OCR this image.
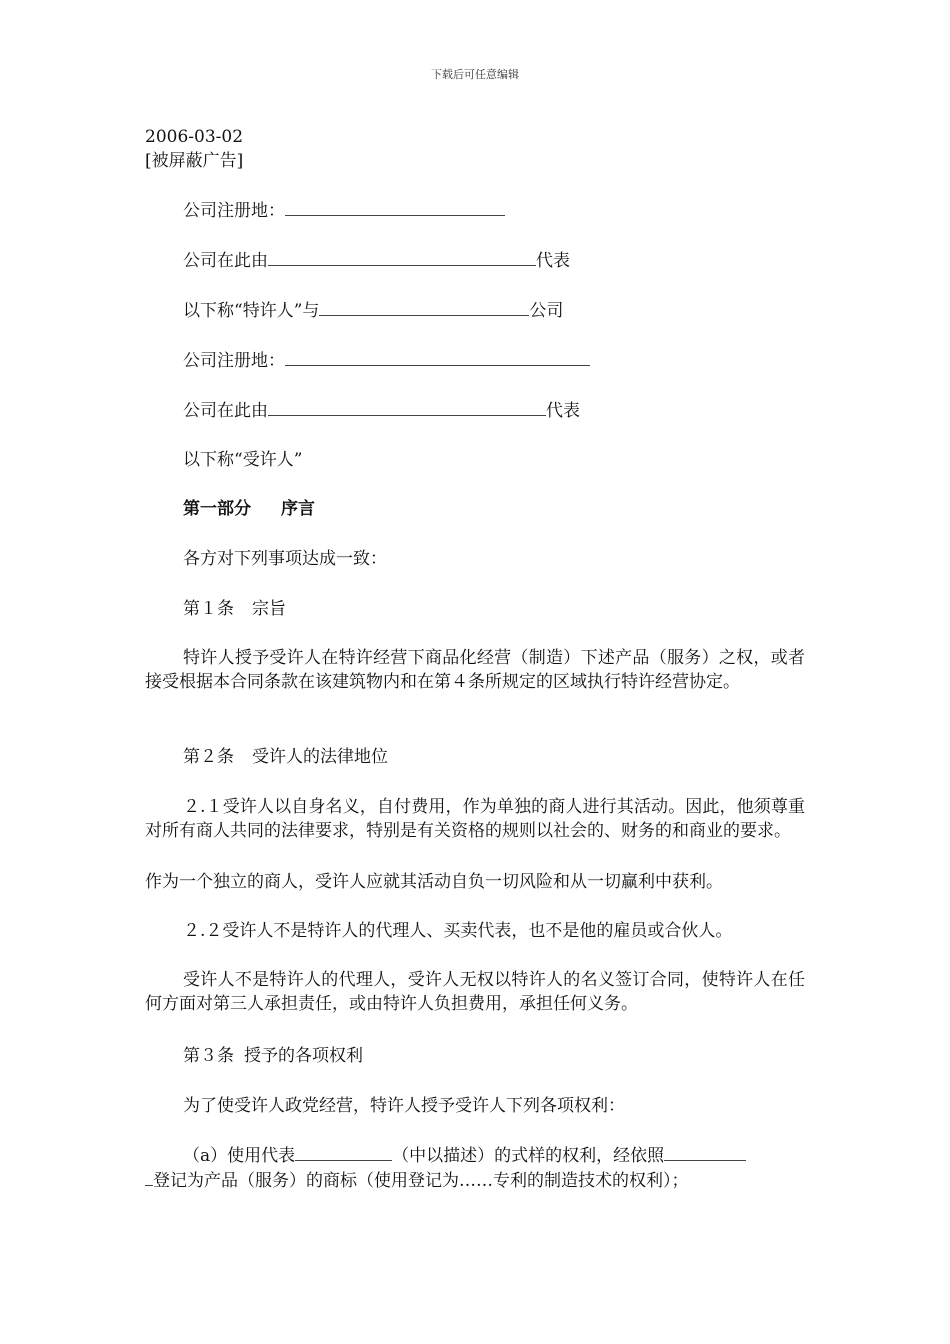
下载后可任意编辑
2006-03-02
[被屏蔽广告]
公司注册地：
公司在此由	代表
以下称“特许人”与	公司
公司注册地：
公司在此由	代表
以下称“受许人”
第一部分 序言
各方对下列事项达成一致：
第１条 宗旨
特许人授予受许人在特许经营下商品化经营（制造）下述产品（服务）之权，或者接受根据本合同条款在该建筑物内和在第４条所规定的区域执行特许经营协定。
第２条 受许人的法律地位
２.１受许人以自身名义，自付费用，作为单独的商人进行其活动。因此，他须尊重对所有商人共同的法律要求，特别是有关资格的规则以社会的、财务的和商业的要求。
作为一个独立的商人，受许人应就其活动自负一切风险和从一切赢利中获利。
２.２受许人不是特许人的代理人、买卖代表，也不是他的雇员或合伙人。
受许人不是特许人的代理人，受许人无权以特许人的名义签订合同，使特许人在任何方面对第三人承担责任，或由特许人负担费用，承担任何义务。
第３条 授予的各项权利
为了使受许人政党经营，特许人授予受许人下列各项权利：
（a）使用代表	（中以描述）的式样的权利，经依照
登记为产品（服务）的商标（使用登记为……专利的制造技术的权利）；
